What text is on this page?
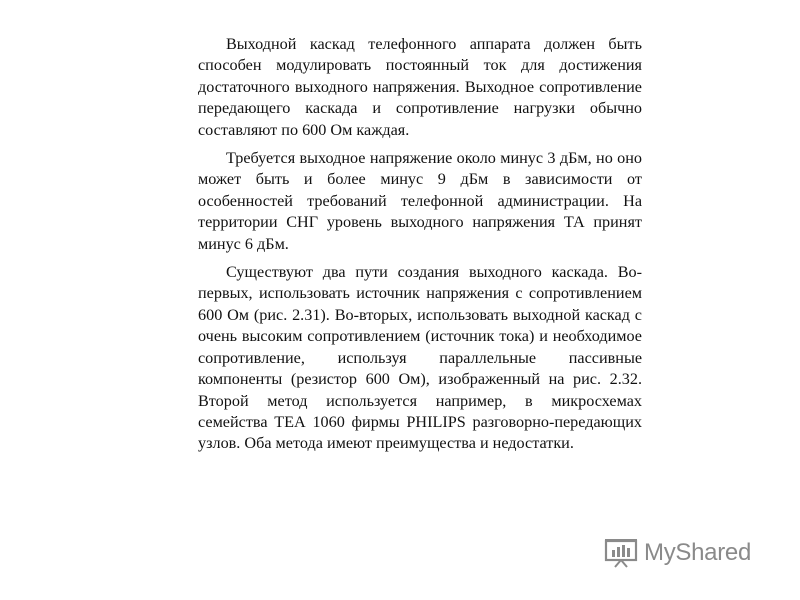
Выходной каскад телефонного аппарата должен быть способен модулировать постоянный ток для достижения достаточного выходного напряжения. Выходное сопротивление передающего каскада и сопротивление нагрузки обычно составляют по 600 Ом каждая.

Требуется выходное напряжение около минус 3 дБм, но оно может быть и более минус 9 дБм в зависимости от особенностей требований телефонной администрации. На территории СНГ уровень выходного напряжения ТА принят минус 6 дБм.

Существуют два пути создания выходного каскада. Во-первых, использовать источник напряжения с сопротивлением 600 Ом (рис. 2.31). Во-вторых, использовать выходной каскад с очень высоким сопротивлением (источник тока) и необходимое сопротивление, используя параллельные пассивные компоненты (резистор 600 Ом), изображенный на рис. 2.32. Второй метод используется например, в микросхемах семейства ТЕА 1060 фирмы PHILIPS разговорно-передающих узлов. Оба метода имеют преимущества и недостатки.

MyShared
